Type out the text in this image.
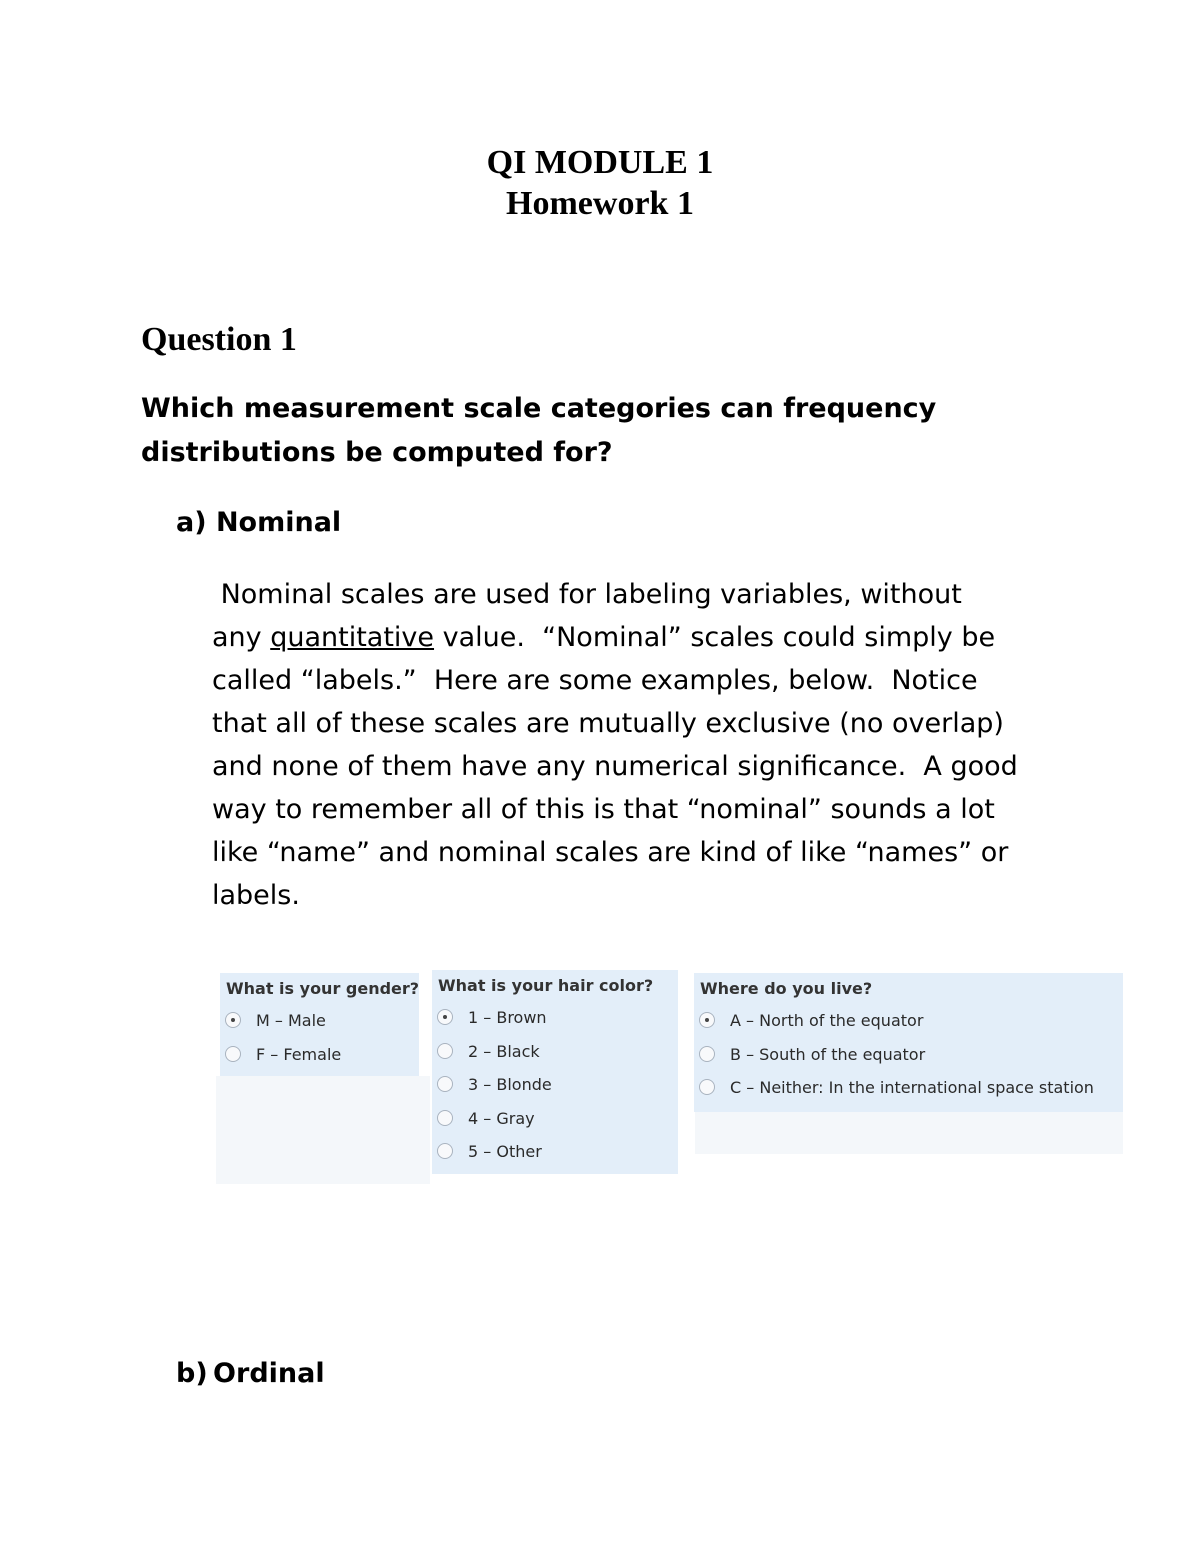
QI MODULE 1
Homework 1
Question 1
Which measurement scale categories can frequency
distributions be computed for?
a) Nominal
Nominal scales are used for labeling variables, without
any quantitative value.  “Nominal” scales could simply be
called “labels.”  Here are some examples, below.  Notice
that all of these scales are mutually exclusive (no overlap)
and none of them have any numerical significance.  A good
way to remember all of this is that “nominal” sounds a lot
like “name” and nominal scales are kind of like “names” or
labels.
What is your gender?
M – Male
F – Female
What is your hair color?
1 – Brown
2 – Black
3 – Blonde
4 – Gray
5 – Other
Where do you live?
A – North of the equator
B – South of the equator
C – Neither: In the international space station
b) Ordinal
